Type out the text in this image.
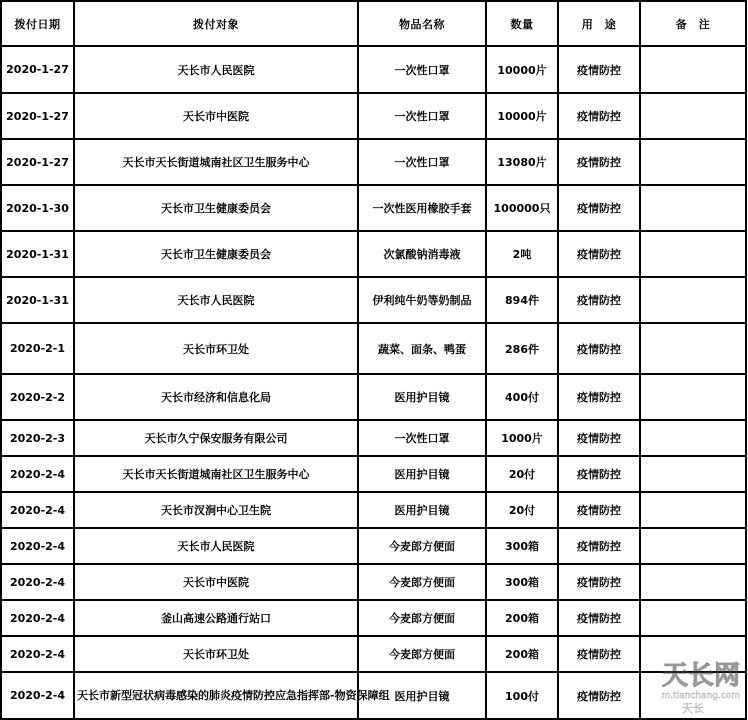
拨付日期	拨付对象	物品名称	数量	用　途	备　注
2020-1-27	天长市人民医院	一次性口罩	10000片	疫情防控	
2020-1-27	天长市中医院	一次性口罩	10000片	疫情防控	
2020-1-27	天长市天长街道城南社区卫生服务中心	一次性口罩	13080片	疫情防控	
2020-1-30	天长市卫生健康委员会	一次性医用橡胶手套	100000只	疫情防控	
2020-1-31	天长市卫生健康委员会	次氯酸钠消毒液	2吨	疫情防控	
2020-1-31	天长市人民医院	伊利纯牛奶等奶制品	894件	疫情防控	
2020-2-1	天长市环卫处	蔬菜、面条、鸭蛋	286件	疫情防控	
2020-2-2	天长市经济和信息化局	医用护目镜	400付	疫情防控	
2020-2-3	天长市久宁保安服务有限公司	一次性口罩	1000片	疫情防控	
2020-2-4	天长市天长街道城南社区卫生服务中心	医用护目镜	20付	疫情防控	
2020-2-4	天长市汊涧中心卫生院	医用护目镜	20付	疫情防控	
2020-2-4	天长市人民医院	今麦郎方便面	300箱	疫情防控	
2020-2-4	天长市中医院	今麦郎方便面	300箱	疫情防控	
2020-2-4	釜山高速公路通行站口	今麦郎方便面	200箱	疫情防控	
2020-2-4	天长市环卫处	今麦郎方便面	200箱	疫情防控	
2020-2-4	天长市新型冠状病毒感染的肺炎疫情防控应急指挥部-物资保障组	医用护目镜	100付	疫情防控	
天长网
m.tianchang.com
天长
